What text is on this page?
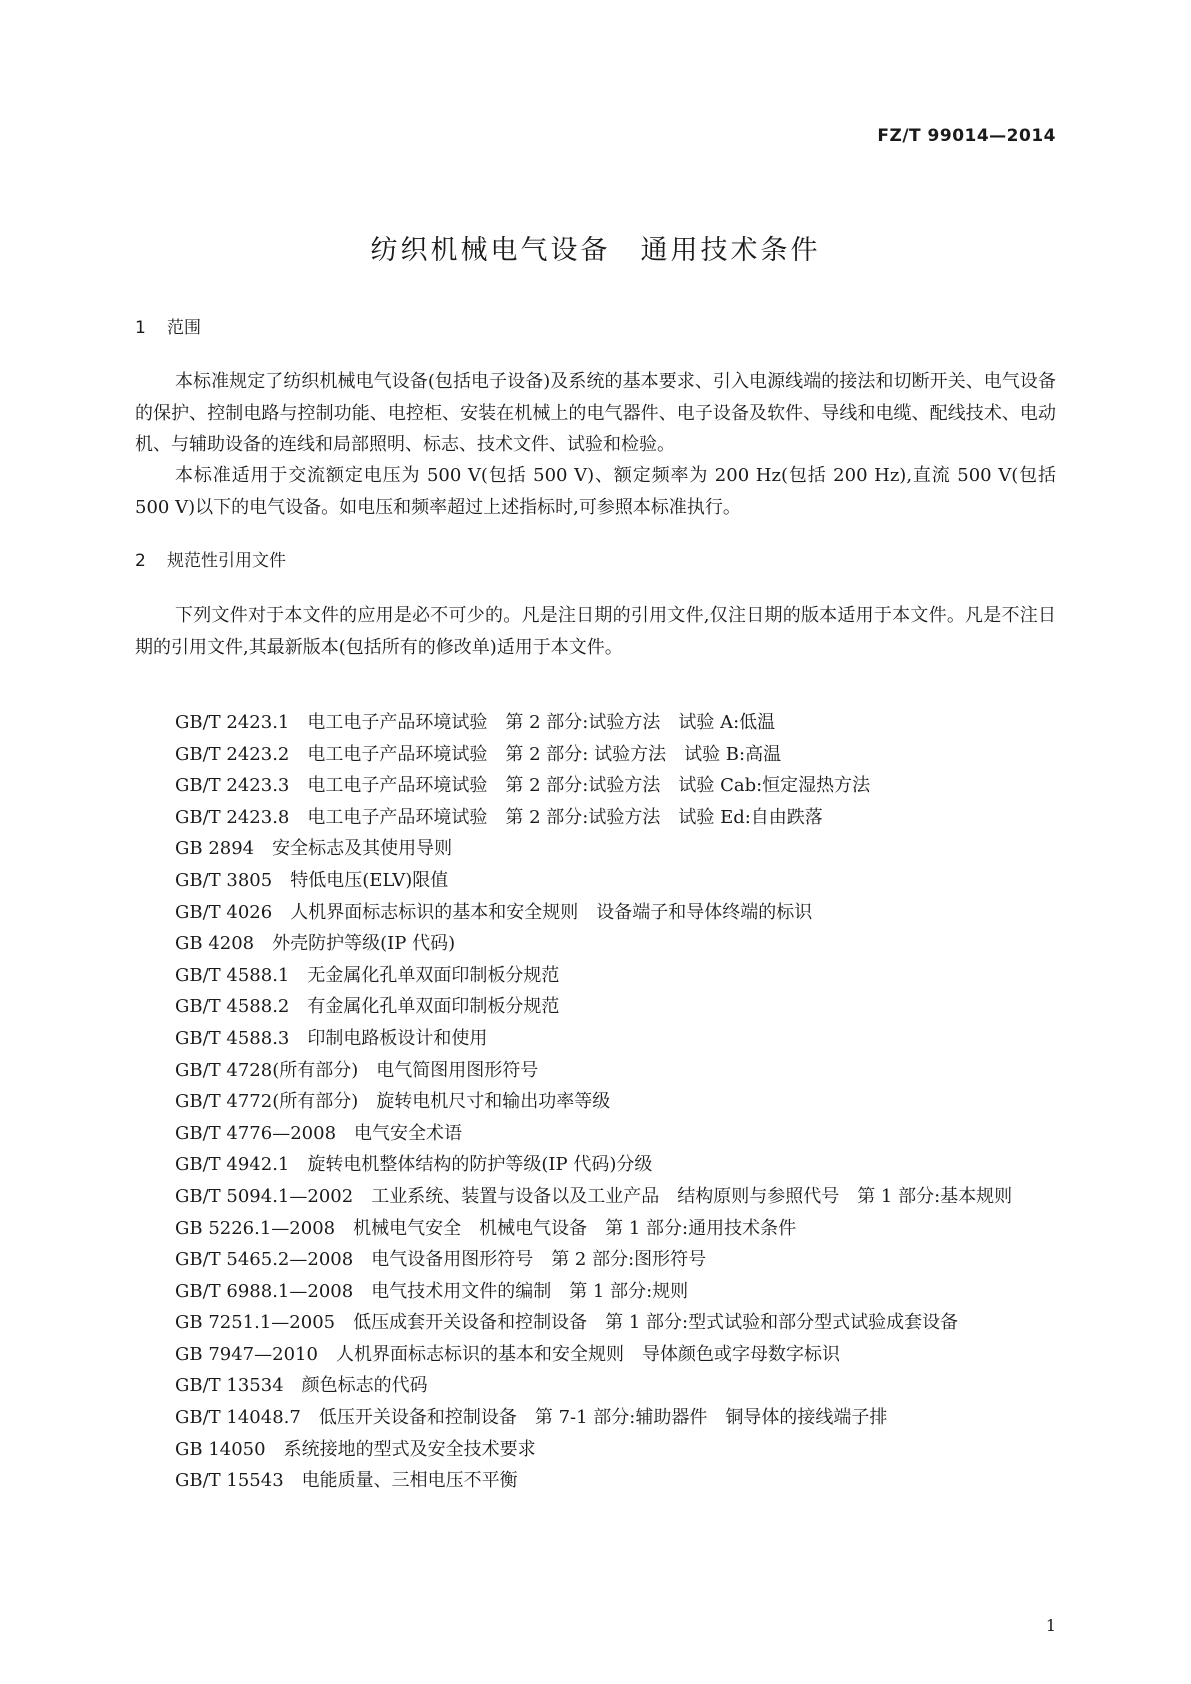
FZ/T 99014—2014
纺织机械电气设备　通用技术条件
1 范围

本标准规定了纺织机械电气设备(包括电子设备)及系统的基本要求、引入电源线端的接法和切断开关、电气设备的保护、控制电路与控制功能、电控柜、安装在机械上的电气器件、电子设备及软件、导线和电缆、配线技术、电动机、与辅助设备的连线和局部照明、标志、技术文件、试验和检验。

本标准适用于交流额定电压为 500 V(包括 500 V)、额定频率为 200 Hz(包括 200 Hz),直流 500 V(包括 500 V)以下的电气设备。如电压和频率超过上述指标时,可参照本标准执行。

2 规范性引用文件

下列文件对于本文件的应用是必不可少的。凡是注日期的引用文件,仅注日期的版本适用于本文件。凡是不注日期的引用文件,其最新版本(包括所有的修改单)适用于本文件。

GB/T 2423.1 电工电子产品环境试验　第 2 部分:试验方法　试验 A:低温
GB/T 2423.2 电工电子产品环境试验　第 2 部分: 试验方法　试验 B:高温
GB/T 2423.3 电工电子产品环境试验　第 2 部分:试验方法　试验 Cab:恒定湿热方法
GB/T 2423.8 电工电子产品环境试验　第 2 部分:试验方法　试验 Ed:自由跌落
GB 2894 安全标志及其使用导则
GB/T 3805 特低电压(ELV)限值
GB/T 4026 人机界面标志标识的基本和安全规则　设备端子和导体终端的标识
GB 4208 外壳防护等级(IP 代码)
GB/T 4588.1 无金属化孔单双面印制板分规范
GB/T 4588.2 有金属化孔单双面印制板分规范
GB/T 4588.3 印制电路板设计和使用
GB/T 4728(所有部分) 电气简图用图形符号
GB/T 4772(所有部分) 旋转电机尺寸和输出功率等级
GB/T 4776—2008 电气安全术语
GB/T 4942.1 旋转电机整体结构的防护等级(IP 代码)分级
GB/T 5094.1—2002 工业系统、装置与设备以及工业产品　结构原则与参照代号　第 1 部分:基本规则
GB 5226.1—2008 机械电气安全　机械电气设备　第 1 部分:通用技术条件
GB/T 5465.2—2008 电气设备用图形符号　第 2 部分:图形符号
GB/T 6988.1—2008 电气技术用文件的编制　第 1 部分:规则
GB 7251.1—2005 低压成套开关设备和控制设备　第 1 部分:型式试验和部分型式试验成套设备
GB 7947—2010 人机界面标志标识的基本和安全规则　导体颜色或字母数字标识
GB/T 13534 颜色标志的代码
GB/T 14048.7 低压开关设备和控制设备　第 7-1 部分:辅助器件　铜导体的接线端子排
GB 14050 系统接地的型式及安全技术要求
GB/T 15543 电能质量、三相电压不平衡
1
